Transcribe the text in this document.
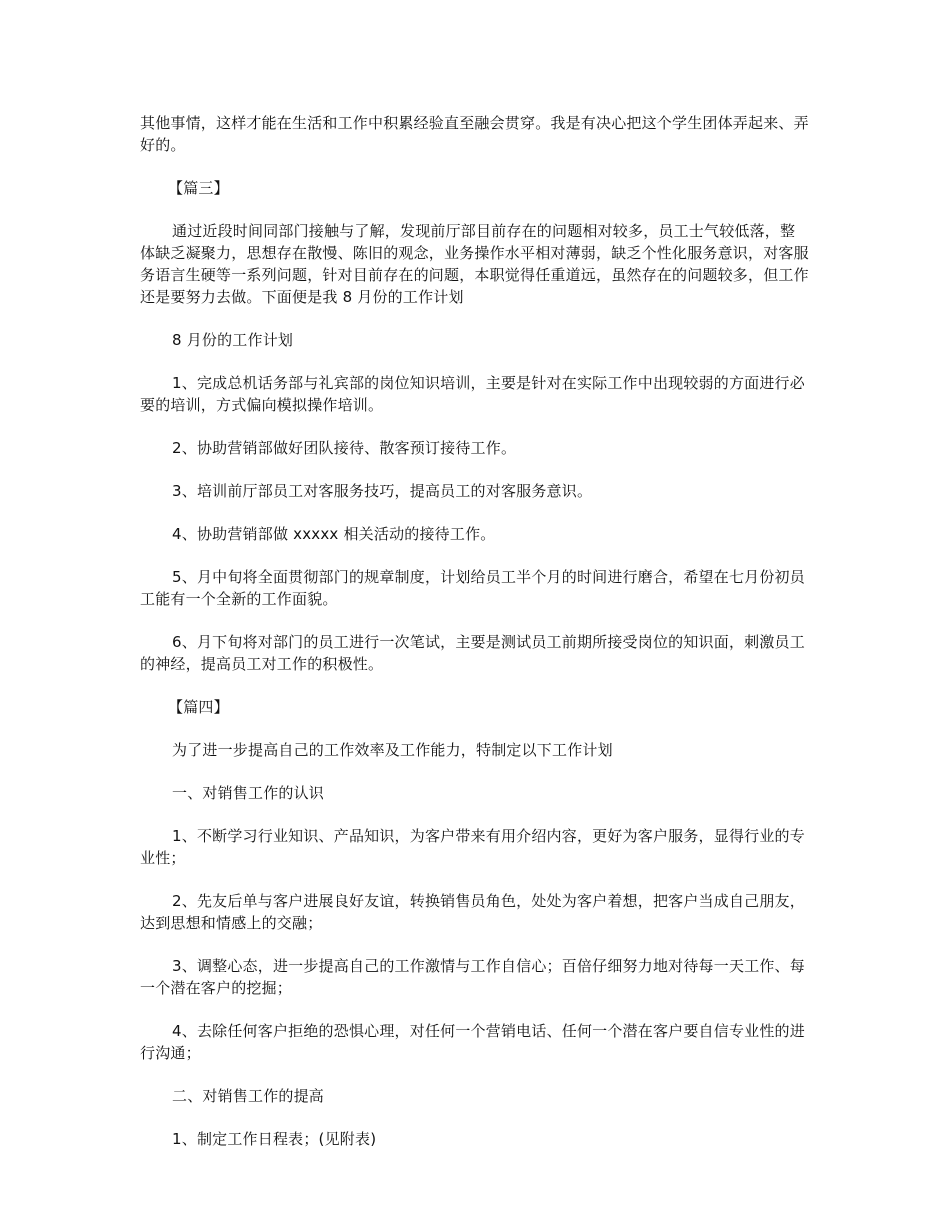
其他事情，这样才能在生活和工作中积累经验直至融会贯穿。我是有决心把这个学生团体弄起来、弄好的。

【篇三】

通过近段时间同部门接触与了解，发现前厅部目前存在的问题相对较多，员工士气较低落，整体缺乏凝聚力，思想存在散慢、陈旧的观念，业务操作水平相对薄弱，缺乏个性化服务意识，对客服务语言生硬等一系列问题，针对目前存在的问题，本职觉得任重道远，虽然存在的问题较多，但工作还是要努力去做。下面便是我 8 月份的工作计划

8 月份的工作计划

1、完成总机话务部与礼宾部的岗位知识培训，主要是针对在实际工作中出现较弱的方面进行必要的培训，方式偏向模拟操作培训。

2、协助营销部做好团队接待、散客预订接待工作。

3、培训前厅部员工对客服务技巧，提高员工的对客服务意识。

4、协助营销部做 xxxxx 相关活动的接待工作。

5、月中旬将全面贯彻部门的规章制度，计划给员工半个月的时间进行磨合，希望在七月份初员工能有一个全新的工作面貌。

6、月下旬将对部门的员工进行一次笔试，主要是测试员工前期所接受岗位的知识面，刺激员工的神经，提高员工对工作的积极性。

【篇四】

为了进一步提高自己的工作效率及工作能力，特制定以下工作计划

一、对销售工作的认识

1、不断学习行业知识、产品知识，为客户带来有用介绍内容，更好为客户服务，显得行业的专业性；

2、先友后单与客户进展良好友谊，转换销售员角色，处处为客户着想，把客户当成自己朋友，达到思想和情感上的交融；

3、调整心态，进一步提高自己的工作激情与工作自信心；百倍仔细努力地对待每一天工作、每一个潜在客户的挖掘；

4、去除任何客户拒绝的恐惧心理，对任何一个营销电话、任何一个潜在客户要自信专业性的进行沟通；

二、对销售工作的提高

1、制定工作日程表；(见附表)
